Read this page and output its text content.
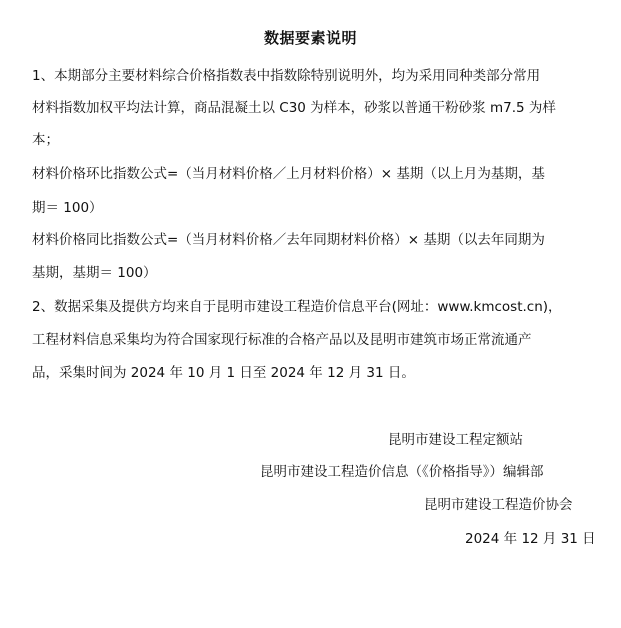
数据要素说明
1、本期部分主要材料综合价格指数表中指数除特别说明外，均为采用同种类部分常用
材料指数加权平均法计算，商品混凝土以 C30 为样本，砂浆以普通干粉砂浆 m7.5 为样
本；
材料价格环比指数公式=（当月材料价格／上月材料价格）× 基期（以上月为基期，基
期＝ 100）
材料价格同比指数公式=（当月材料价格／去年同期材料价格）× 基期（以去年同期为
基期，基期＝ 100）
2、数据采集及提供方均来自于昆明市建设工程造价信息平台(网址：www.kmcost.cn)，
工程材料信息采集均为符合国家现行标准的合格产品以及昆明市建筑市场正常流通产
品，采集时间为 2024 年 10 月 1 日至 2024 年 12 月 31 日。
昆明市建设工程定额站
昆明市建设工程造价信息（《价格指导》）编辑部
昆明市建设工程造价协会
2024 年 12 月 31 日
